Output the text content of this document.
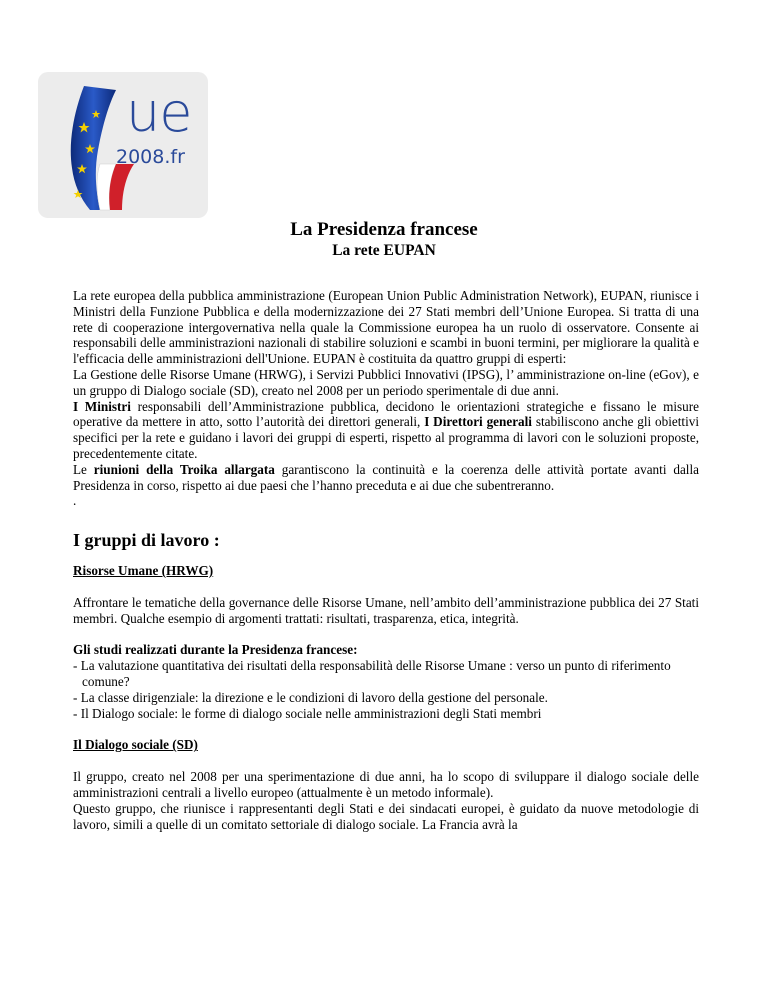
ue
2008.fr
La Presidenza francese
La rete EUPAN

La rete europea della pubblica amministrazione (European Union Public Administration Network), EUPAN, riunisce i Ministri della Funzione Pubblica e della modernizzazione dei 27 Stati membri dell’Unione Europea. Si tratta di una rete di cooperazione intergovernativa nella quale la Commissione europea ha un ruolo di osservatore. Consente ai responsabili delle amministrazioni nazionali di stabilire soluzioni e scambi in buoni termini, per migliorare la qualità e l'efficacia delle amministrazioni dell'Unione. EUPAN è costituita da quattro gruppi di esperti:

La Gestione delle Risorse Umane (HRWG), i Servizi Pubblici Innovativi (IPSG), l’ amministrazione on-line (eGov), e un gruppo di Dialogo sociale (SD), creato nel 2008 per un periodo sperimentale di due anni.

I Ministri responsabili dell’Amministrazione pubblica, decidono le orientazioni strategiche e fissano le misure operative da mettere in atto, sotto l’autorità dei direttori generali, I Direttori generali stabiliscono anche gli obiettivi specifici per la rete e guidano i lavori dei gruppi di esperti, rispetto al programma di lavori con le soluzioni proposte, precedentemente citate.

Le riunioni della Troika allargata garantiscono la continuità e la coerenza delle attività portate avanti dalla Presidenza in corso, rispetto ai due paesi che l’hanno preceduta e ai due che subentreranno.

.

I gruppi di lavoro :

Risorse Umane (HRWG)

Affrontare le tematiche della governance delle Risorse Umane, nell’ambito dell’amministrazione pubblica dei 27 Stati membri. Qualche esempio di argomenti trattati: risultati, trasparenza, etica, integrità.

Gli studi realizzati durante la Presidenza francese:

- La valutazione quantitativa dei risultati della responsabilità delle Risorse Umane : verso un punto di riferimento comune?

- La classe dirigenziale: la direzione e le condizioni di lavoro della gestione del personale.

- Il Dialogo sociale: le forme di dialogo sociale nelle amministrazioni degli Stati membri

Il Dialogo sociale (SD)

Il gruppo, creato nel 2008 per una sperimentazione di due anni, ha lo scopo di sviluppare il dialogo sociale delle amministrazioni centrali a livello europeo (attualmente è un metodo informale).

Questo gruppo, che riunisce i rappresentanti degli Stati e dei sindacati europei, è guidato da nuove metodologie di lavoro, simili a quelle di un comitato settoriale di dialogo sociale. La Francia avrà la
